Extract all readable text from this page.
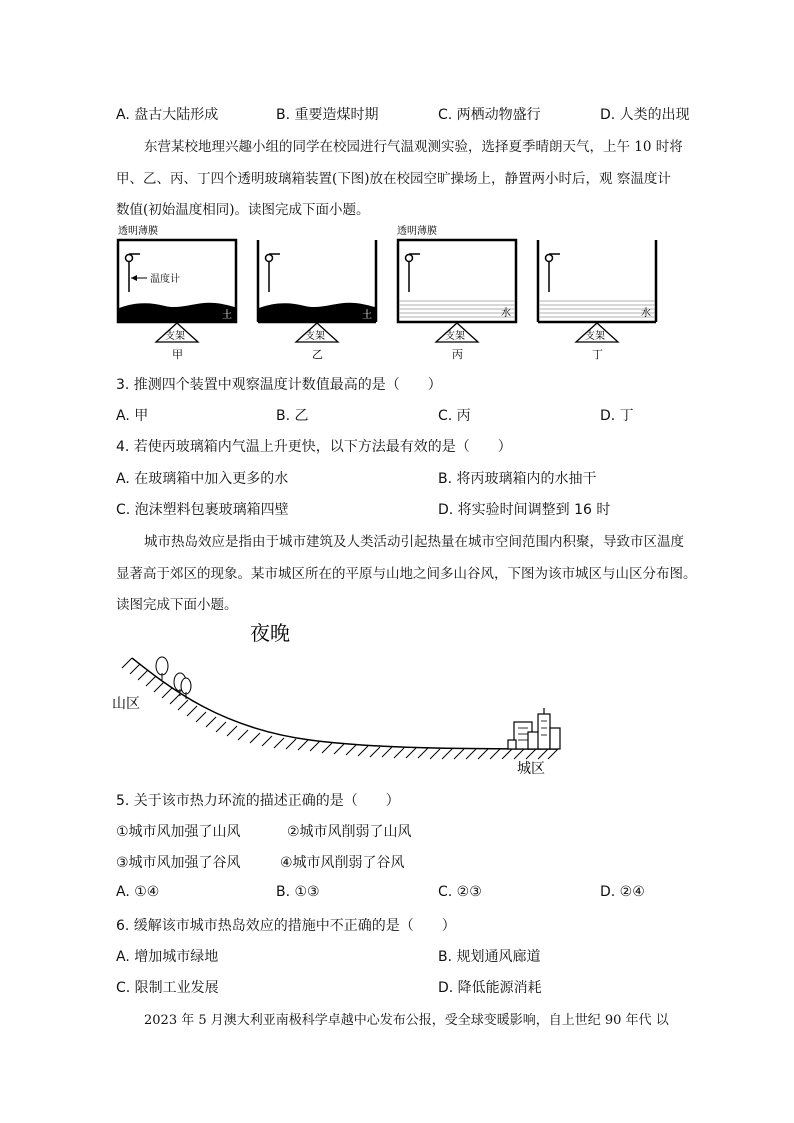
A. 盘古大陆形成	B. 重要造煤时期	C. 两栖动物盛行	D. 人类的出现
东营某校地理兴趣小组的同学在校园进行气温观测实验，选择夏季晴朗天气，上午 10 时将
甲、乙、丙、丁四个透明玻璃箱装置(下图)放在校园空旷操场上，静置两小时后，观 察温度计
数值(初始温度相同)。读图完成下面小题。
透明薄膜
温度计
土
支架
甲
土
支架
乙
透明薄膜
水
支架
丙
水
支架
丁
3. 推测四个装置中观察温度计数值最高的是（　　）
A. 甲	B. 乙	C. 丙	D. 丁
4. 若使丙玻璃箱内气温上升更快，以下方法最有效的是（　　）
A. 在玻璃箱中加入更多的水	B. 将丙玻璃箱内的水抽干
C. 泡沫塑料包裹玻璃箱四壁	D. 将实验时间调整到 16 时
城市热岛效应是指由于城市建筑及人类活动引起热量在城市空间范围内积聚，导致市区温度
显著高于郊区的现象。某市城区所在的平原与山地之间多山谷风，下图为该市城区与山区分布图。
读图完成下面小题。
夜晚
山区
城区
5. 关于该市热力环流的描述正确的是（　　）
①城市风加强了山风	②城市风削弱了山风
③城市风加强了谷风	④城市风削弱了谷风
A. ①④	B. ①③	C. ②③	D. ②④
6. 缓解该市城市热岛效应的措施中不正确的是（　　）
A. 增加城市绿地	B. 规划通风廊道
C. 限制工业发展	D. 降低能源消耗
2023 年 5 月澳大利亚南极科学卓越中心发布公报，受全球变暖影响，自上世纪 90 年代 以
